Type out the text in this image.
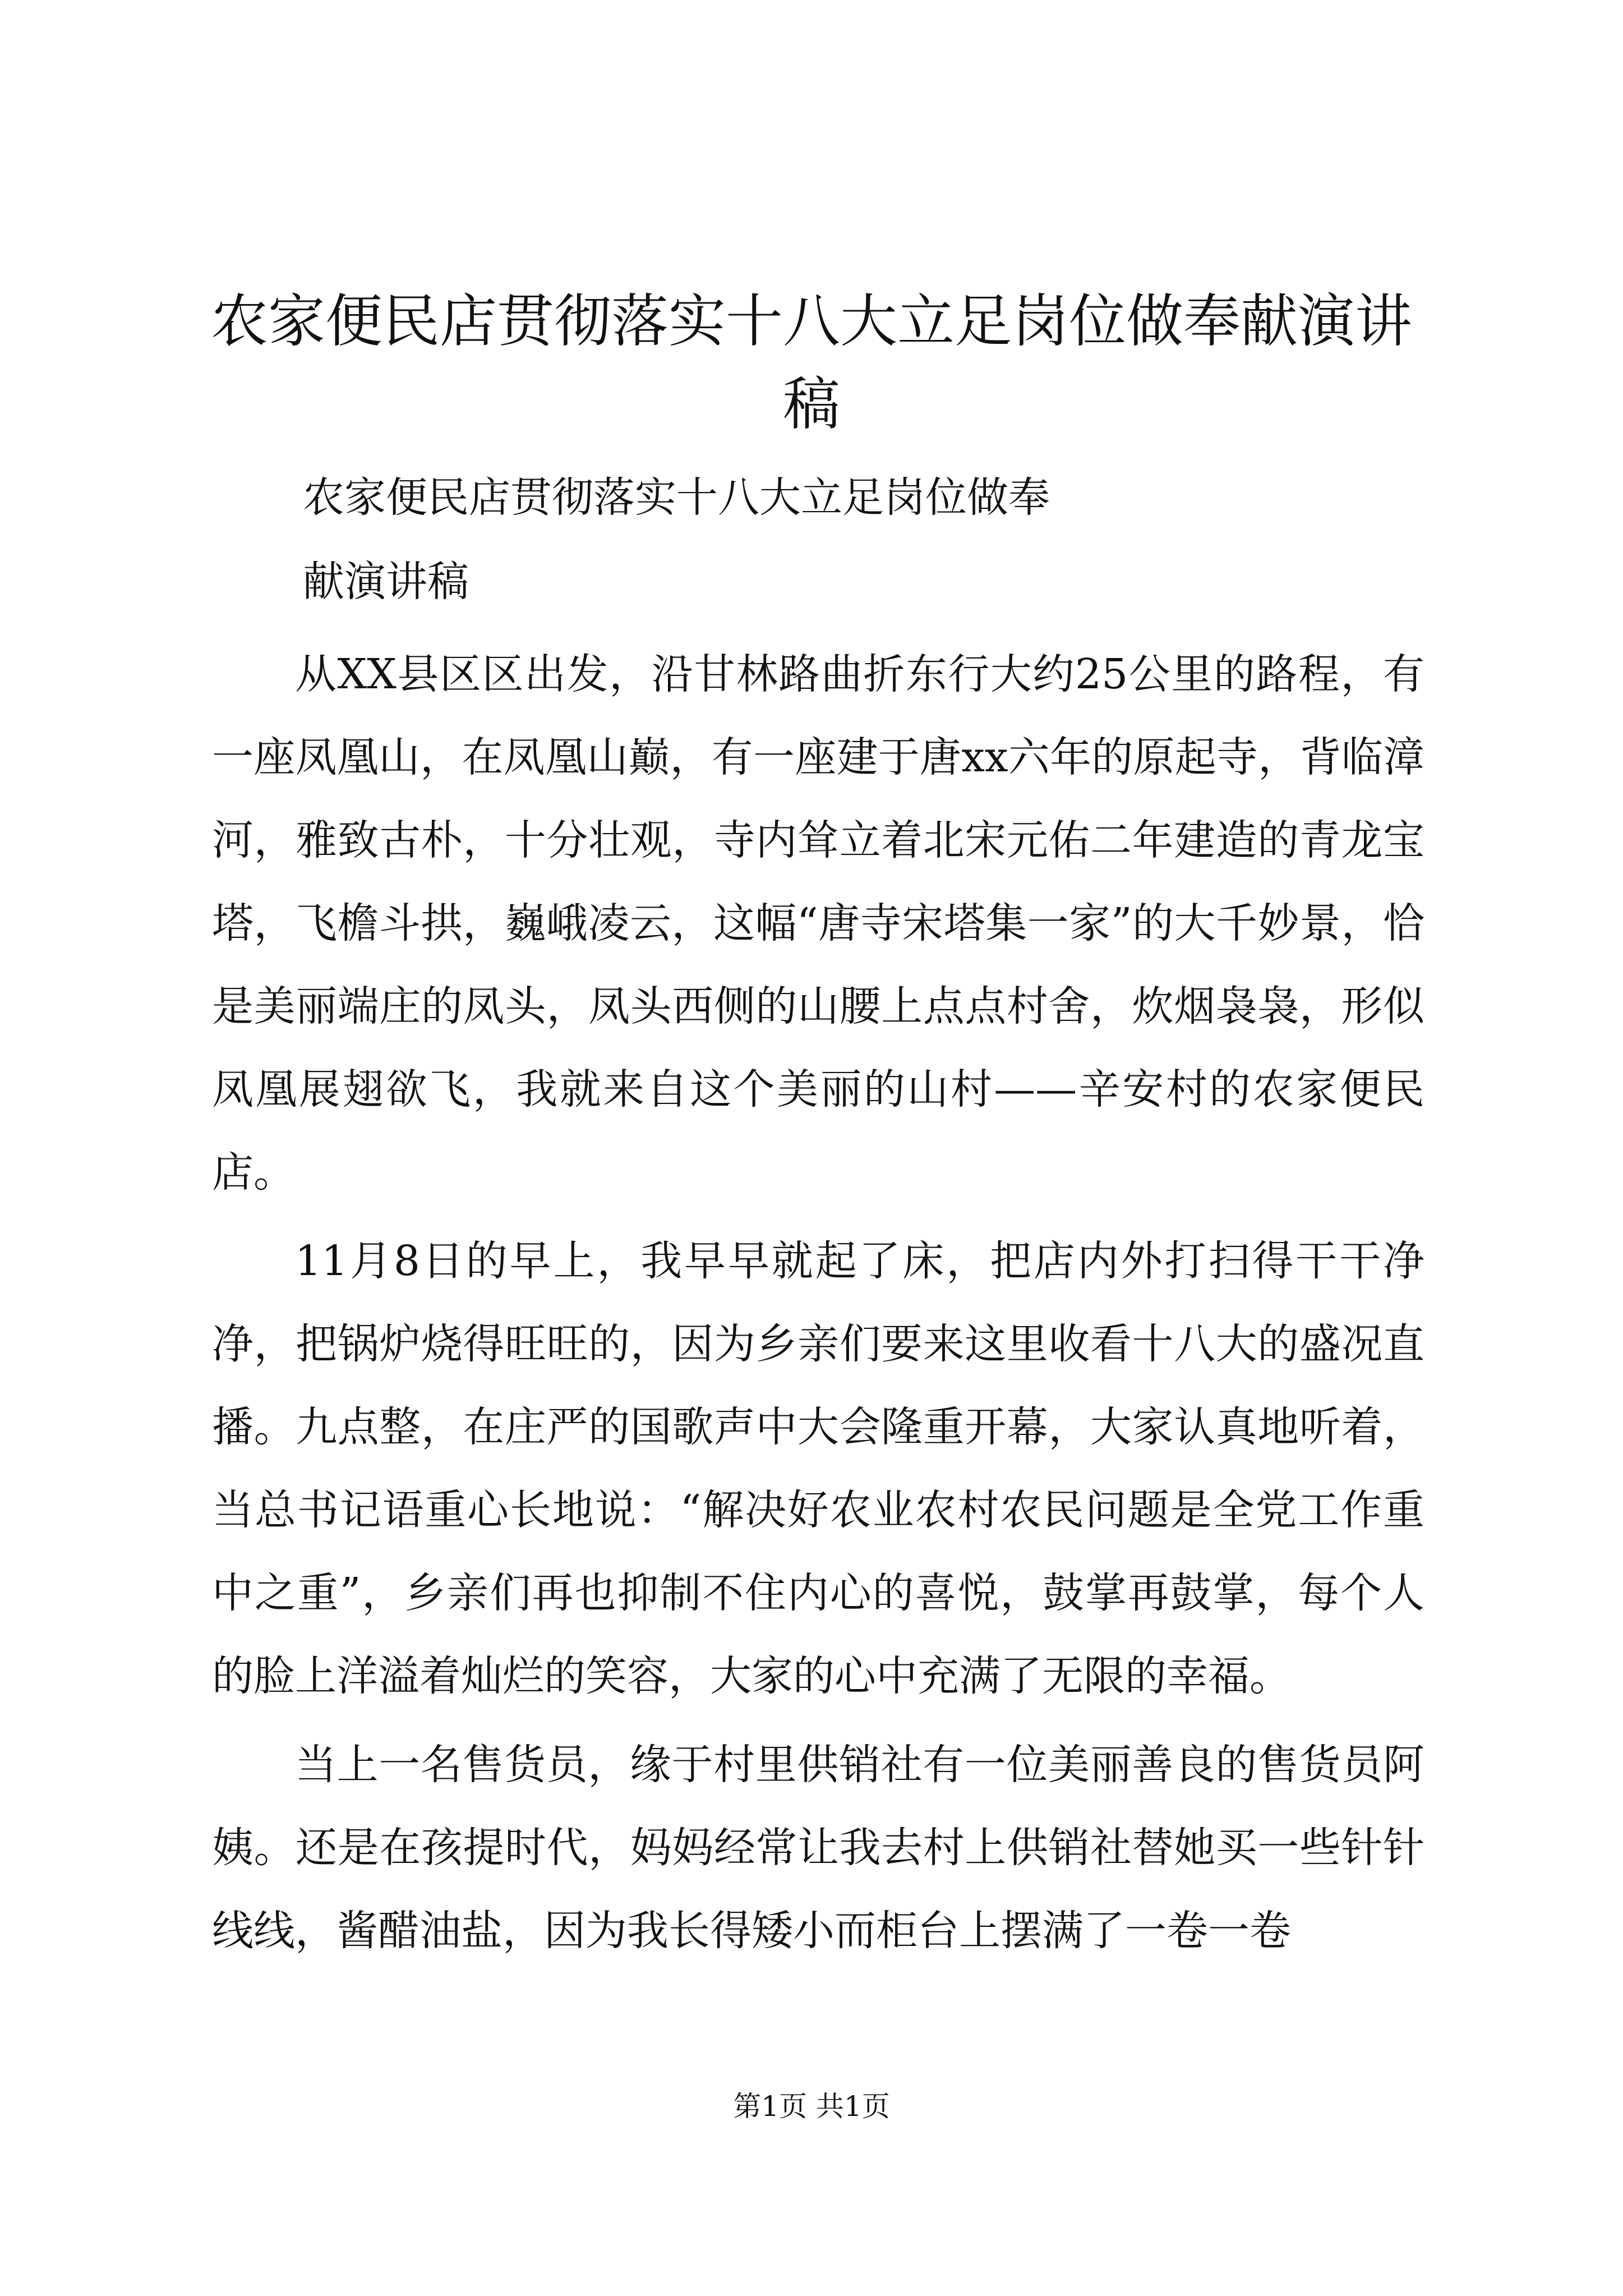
农家便民店贯彻落实十八大立足岗位做奉献演讲稿
农家便民店贯彻落实十八大立足岗位做奉
献演讲稿

从XX县区区出发，沿甘林路曲折东行大约25公里的路程，有一座凤凰山，在凤凰山巅，有一座建于唐xx六年的原起寺，背临漳河，雅致古朴，十分壮观，寺内耸立着北宋元佑二年建造的青龙宝塔，飞檐斗拱，巍峨凌云，这幅“唐寺宋塔集一家”的大千妙景，恰是美丽端庄的凤头，凤头西侧的山腰上点点村舍，炊烟袅袅，形似凤凰展翅欲飞，我就来自这个美丽的山村——辛安村的农家便民店。

11月8日的早上，我早早就起了床，把店内外打扫得干干净净，把锅炉烧得旺旺的，因为乡亲们要来这里收看十八大的盛况直播。九点整，在庄严的国歌声中大会隆重开幕，大家认真地听着，当总书记语重心长地说：“解决好农业农村农民问题是全党工作重中之重”，乡亲们再也抑制不住内心的喜悦，鼓掌再鼓掌，每个人的脸上洋溢着灿烂的笑容，大家的心中充满了无限的幸福。

当上一名售货员，缘于村里供销社有一位美丽善良的售货员阿姨。还是在孩提时代，妈妈经常让我去村上供销社替她买一些针针线线，酱醋油盐，因为我长得矮小而柜台上摆满了一卷一卷

第1页 共1页
